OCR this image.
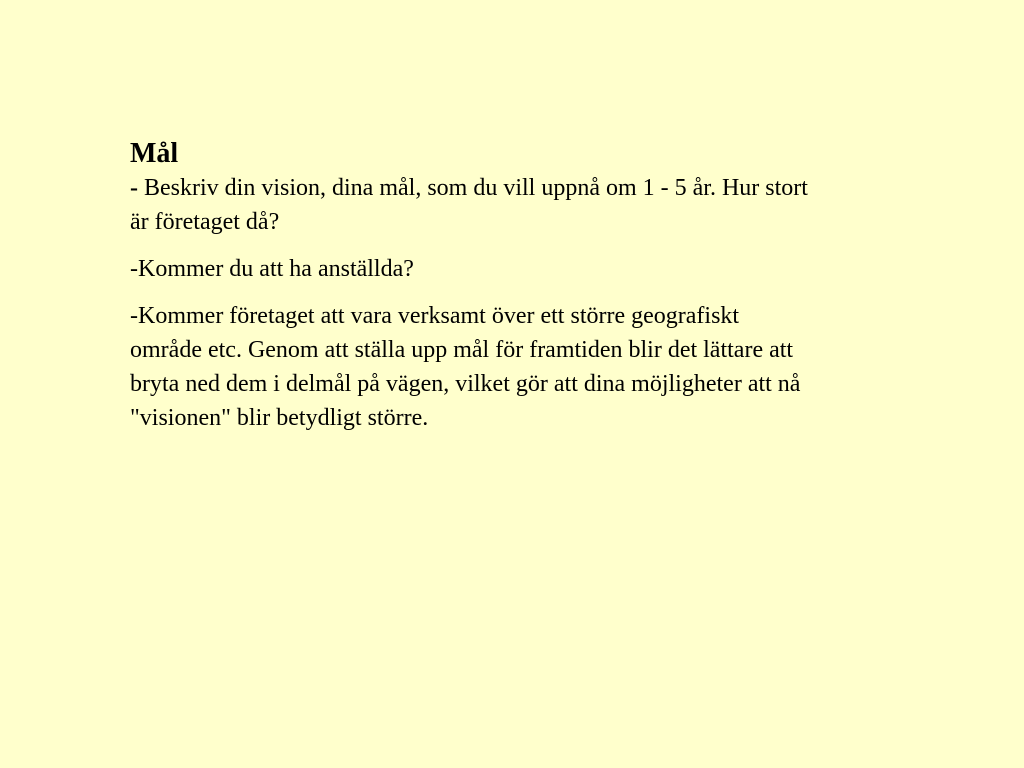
Mål

- Beskriv din vision, dina mål, som du vill uppnå om 1 - 5 år. Hur stort är företaget då?

-Kommer du att ha anställda?

-Kommer företaget att vara verksamt över ett större geografiskt område etc. Genom att ställa upp mål för framtiden blir det lättare att bryta ned dem i delmål på vägen, vilket gör att dina möjligheter att nå "visionen" blir betydligt större.
